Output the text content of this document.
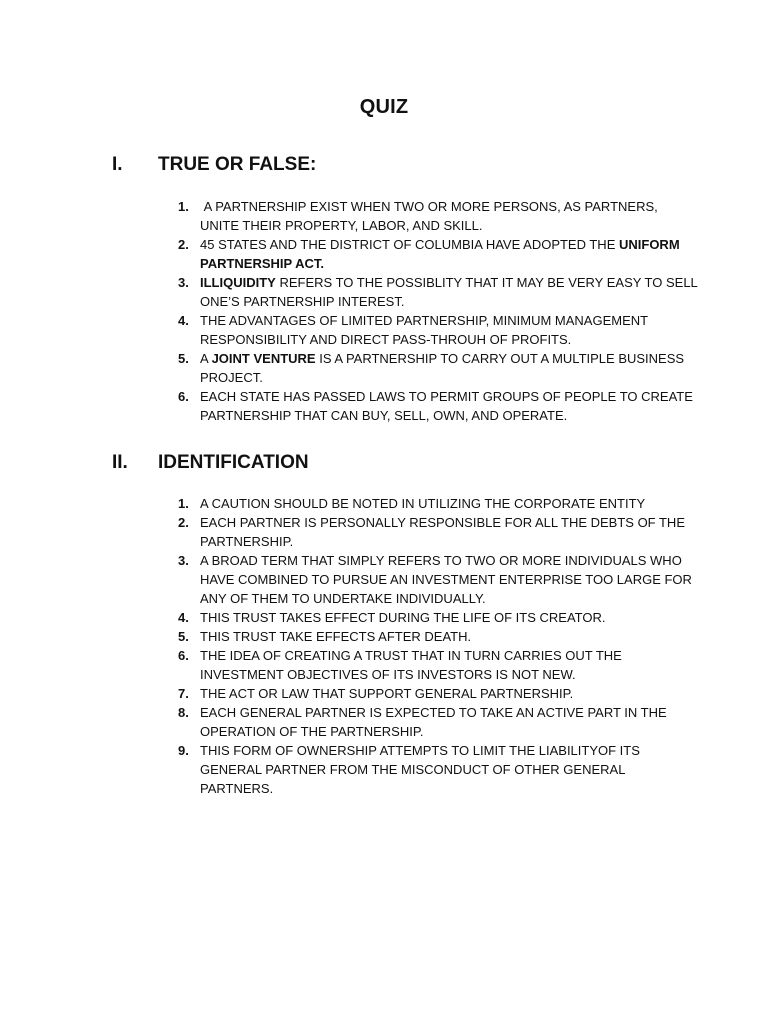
QUIZ
I.	TRUE OR FALSE:
1. A PARTNERSHIP EXIST WHEN TWO OR MORE PERSONS, AS PARTNERS, UNITE THEIR PROPERTY, LABOR, AND SKILL.
2. 45 STATES AND THE DISTRICT OF COLUMBIA HAVE ADOPTED THE UNIFORM PARTNERSHIP ACT.
3. ILLIQUIDITY REFERS TO THE POSSIBLITY THAT IT MAY BE VERY EASY TO SELL ONE’S PARTNERSHIP INTEREST.
4. THE ADVANTAGES OF LIMITED PARTNERSHIP, MINIMUM MANAGEMENT RESPONSIBILITY AND DIRECT PASS-THROUH OF PROFITS.
5. A JOINT VENTURE IS A PARTNERSHIP TO CARRY OUT A MULTIPLE BUSINESS PROJECT.
6. EACH STATE HAS PASSED LAWS TO PERMIT GROUPS OF PEOPLE TO CREATE PARTNERSHIP THAT CAN BUY, SELL, OWN, AND OPERATE.
II.	IDENTIFICATION
1. A CAUTION SHOULD BE NOTED IN UTILIZING THE CORPORATE ENTITY
2. EACH PARTNER IS PERSONALLY RESPONSIBLE FOR ALL THE DEBTS OF THE PARTNERSHIP.
3. A BROAD TERM THAT SIMPLY REFERS TO TWO OR MORE INDIVIDUALS WHO HAVE COMBINED TO PURSUE AN INVESTMENT ENTERPRISE TOO LARGE FOR ANY OF THEM TO UNDERTAKE INDIVIDUALLY.
4. THIS TRUST TAKES EFFECT DURING THE LIFE OF ITS CREATOR.
5. THIS TRUST TAKE EFFECTS AFTER DEATH.
6. THE IDEA OF CREATING A TRUST THAT IN TURN CARRIES OUT THE INVESTMENT OBJECTIVES OF ITS INVESTORS IS NOT NEW.
7. THE ACT OR LAW THAT SUPPORT GENERAL PARTNERSHIP.
8. EACH GENERAL PARTNER IS EXPECTED TO TAKE AN ACTIVE PART IN THE OPERATION OF THE PARTNERSHIP.
9. THIS FORM OF OWNERSHIP ATTEMPTS TO LIMIT THE LIABILITYOF ITS GENERAL PARTNER FROM THE MISCONDUCT OF OTHER GENERAL PARTNERS.
